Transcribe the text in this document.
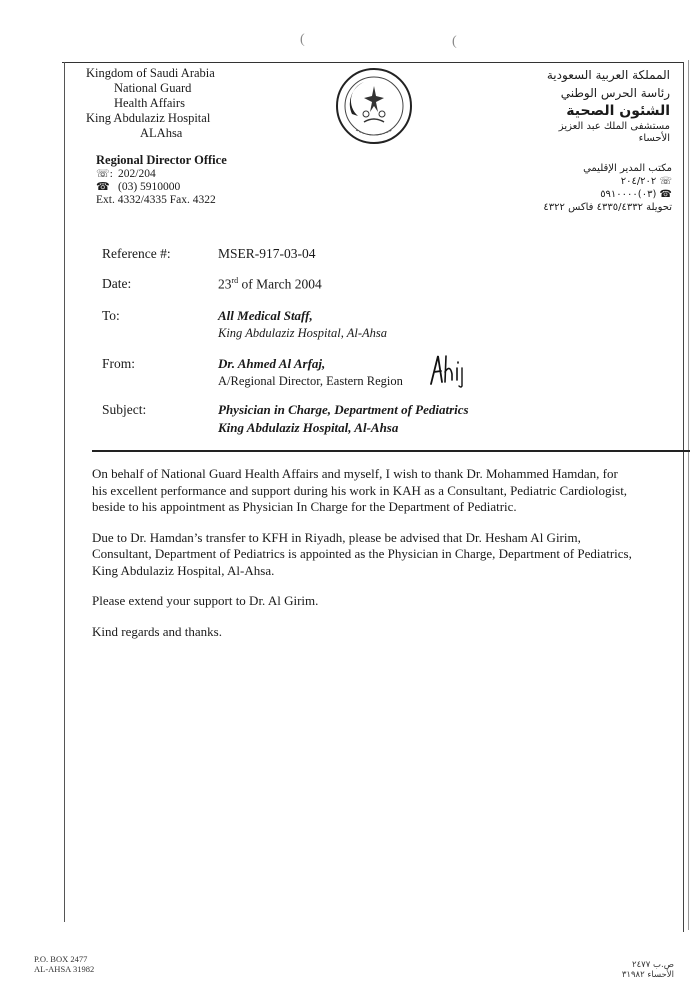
(	(
Kingdom of Saudi Arabia
National Guard
Health Affairs
King Abdulaziz Hospital
ALAhsa
Regional Director Office
☏: 202/204
☎ (03) 5910000
Ext. 4332/4335 Fax. 4322
المملكة العربية السعودية
رئاسة الحرس الوطني
الشئون الصحية
مستشفى الملك عبد العزيز
الأحساء
مكتب المدير الإقليمي
☏ ٢٠٤/٢٠٢
☎ (٠٣)٥٩١٠٠٠٠
تحويلة ٤٣٣٥/٤٣٣٢ فاكس ٤٣٢٢
Reference #:	MSER-917-03-04
Date:	23rd of March 2004
To:	All Medical Staff,
King Abdulaziz Hospital, Al-Ahsa
From:	Dr. Ahmed Al Arfaj,
A/Regional Director, Eastern Region
Subject:	Physician in Charge, Department of Pediatrics
King Abdulaziz Hospital, Al-Ahsa

On behalf of National Guard Health Affairs and myself, I wish to thank Dr. Mohammed Hamdan, for his excellent performance and support during his work in KAH as a Consultant, Pediatric Cardiologist, beside to his appointment as Physician In Charge for the Department of Pediatric.

Due to Dr. Hamdan’s transfer to KFH in Riyadh, please be advised that Dr. Hesham Al Girim, Consultant, Department of Pediatrics is appointed as the Physician in Charge, Department of Pediatrics, King Abdulaziz Hospital, Al-Ahsa.

Please extend your support to Dr. Al Girim.

Kind regards and thanks.

P.O. BOX 2477
AL-AHSA 31982	ص.ب ٢٤٧٧
الأحساء ٣١٩٨٢
